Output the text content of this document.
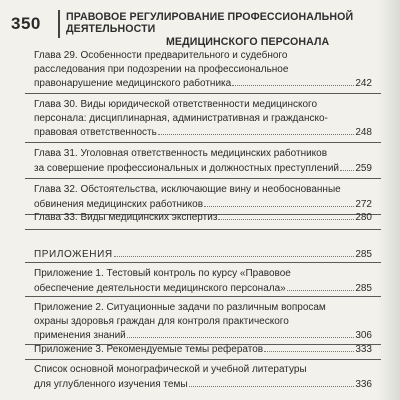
350 ПРАВОВОЕ РЕГУЛИРОВАНИЕ ПРОФЕССИОНАЛЬНОЙ ДЕЯТЕЛЬНОСТИ
МЕДИЦИНСКОГО ПЕРСОНАЛА
Глава 29. Особенности предварительного и судебного
расследования при подозрении на профессиональное
правонарушение медицинского работника	242
Глава 30. Виды юридической ответственности медицинского
персонала: дисциплинарная, административная и гражданско-
правовая ответственность	248
Глава 31. Уголовная ответственность медицинских работников
за совершение профессиональных и должностных преступлений 259
Глава 32. Обстоятельства, исключающие вину и необоснованные
обвинения медицинских работников	272
Глава 33. Виды медицинских экспертиз	280
ПРИЛОЖЕНИЯ	285
Приложение 1. Тестовый контроль по курсу «Правовое
обеспечение деятельности медицинского персонала»	285
Приложение 2. Ситуационные задачи по различным вопросам
охраны здоровья граждан для контроля практического
применения знаний	306
Приложение 3. Рекомендуемые темы рефератов	333
Список основной монографической и учебной литературы
для углубленного изучения темы	336
